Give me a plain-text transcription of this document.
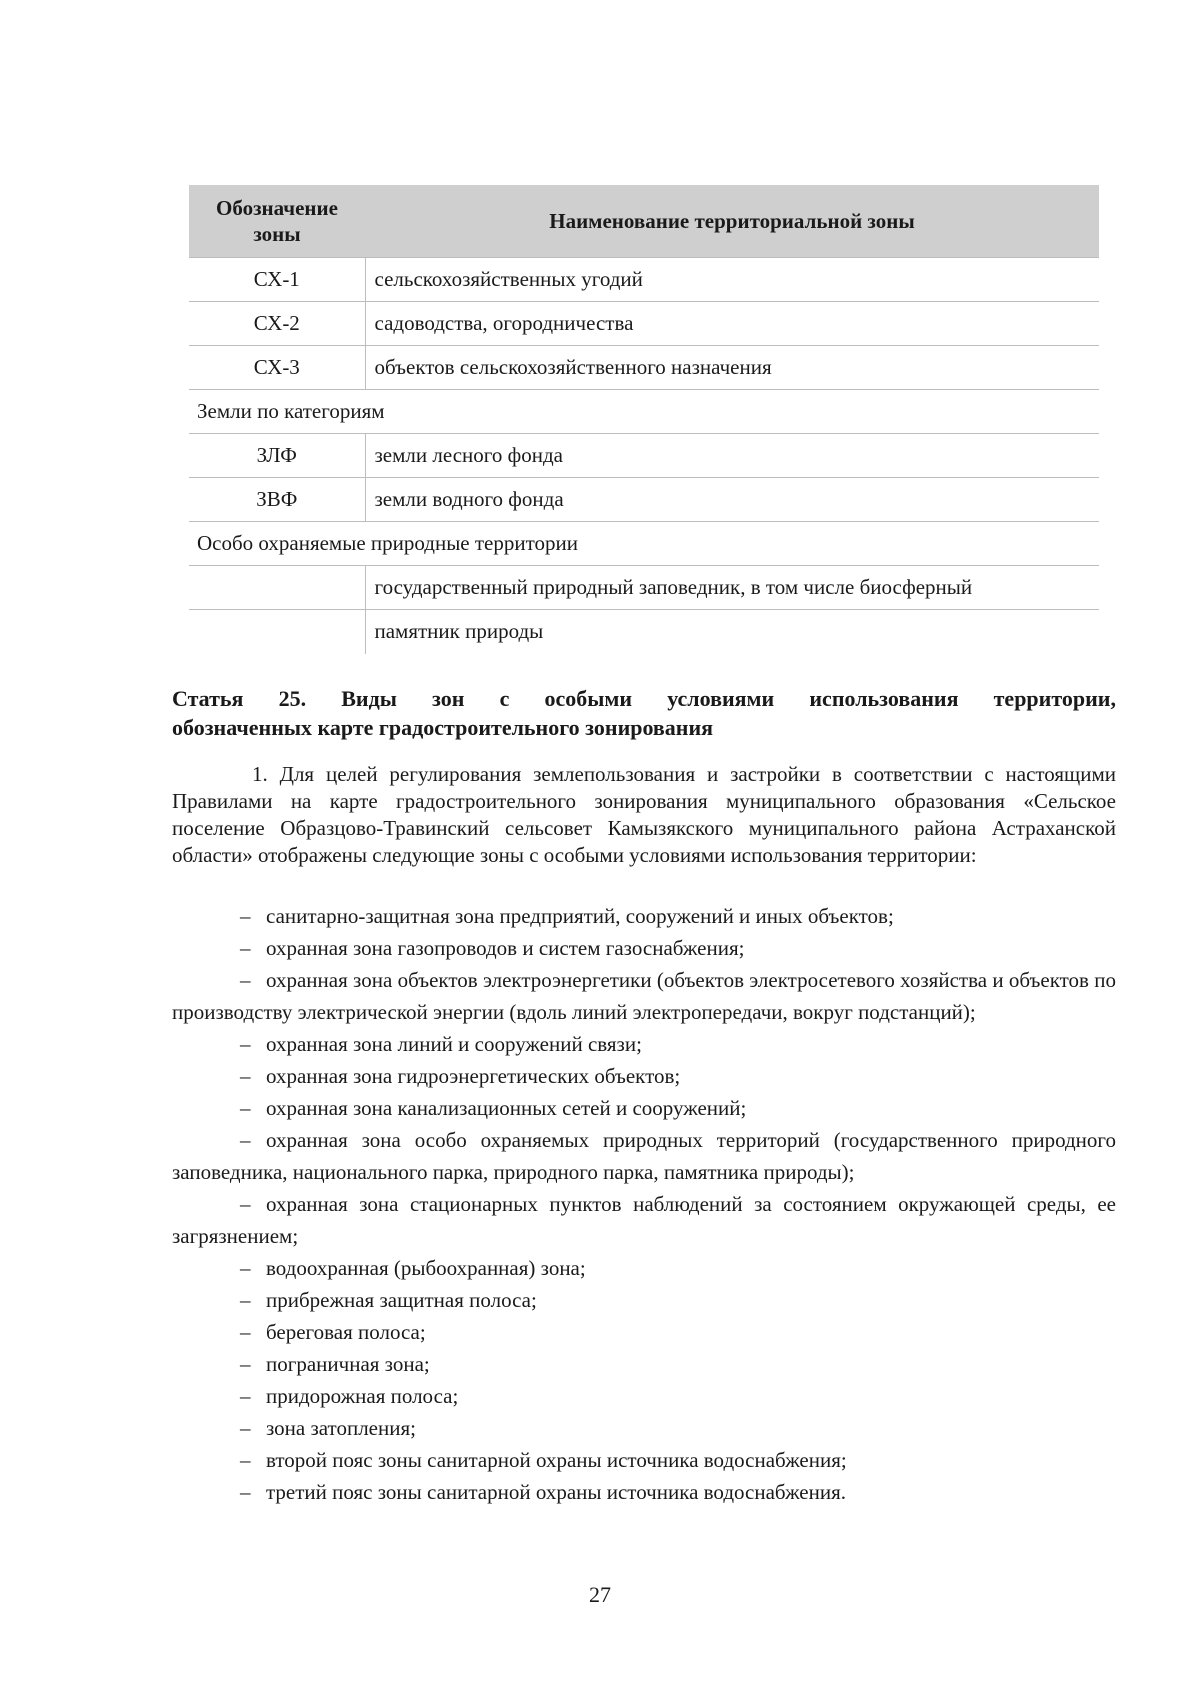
Обозначение зоны	Наименование территориальной зоны
СХ-1	сельскохозяйственных угодий
СХ-2	садоводства, огородничества
СХ-3	объектов сельскохозяйственного назначения
Земли по категориям	
ЗЛФ	земли лесного фонда
ЗВФ	земли водного фонда
Особо охраняемые природные территории	
	государственный природный заповедник, в том числе биосферный
	памятник природы
Статья 25. Виды зон с особыми условиями использования территории,
обозначенных карте градостроительного зонирования
1. Для целей регулирования землепользования и застройки в соответствии с настоящими Правилами на карте градостроительного зонирования муниципального образования «Сельское поселение Образцово-Травинский сельсовет Камызякского муниципального района Астраханской области» отображены следующие зоны с особыми условиями использования территории:
– санитарно-защитная зона предприятий, сооружений и иных объектов;
– охранная зона газопроводов и систем газоснабжения;
– охранная зона объектов электроэнергетики (объектов электросетевого хозяйства и объектов по производству электрической энергии (вдоль линий электропередачи, вокруг подстанций);
– охранная зона линий и сооружений связи;
– охранная зона гидроэнергетических объектов;
– охранная зона канализационных сетей и сооружений;
– охранная зона особо охраняемых природных территорий (государственного природного заповедника, национального парка, природного парка, памятника природы);
– охранная зона стационарных пунктов наблюдений за состоянием окружающей среды, ее загрязнением;
– водоохранная (рыбоохранная) зона;
– прибрежная защитная полоса;
– береговая полоса;
– пограничная зона;
– придорожная полоса;
– зона затопления;
– второй пояс зоны санитарной охраны источника водоснабжения;
– третий пояс зоны санитарной охраны источника водоснабжения.
27
